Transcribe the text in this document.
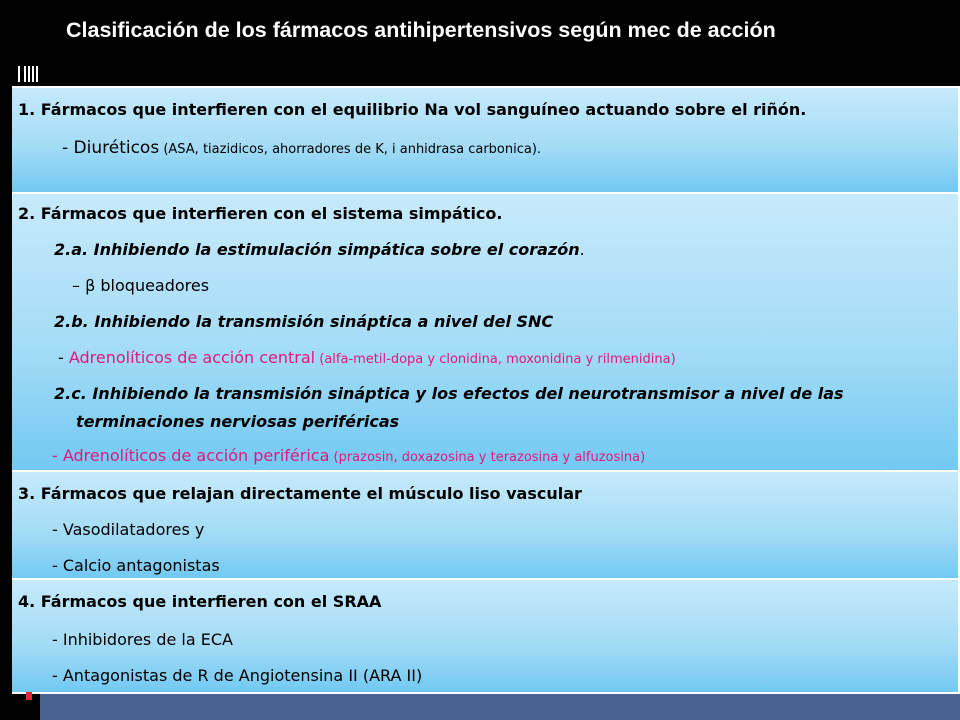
Clasificación de los fármacos antihipertensivos según mec de acción
1. Fármacos que interfieren con el equilibrio Na vol sanguíneo actuando sobre el riñón.
- Diuréticos (ASA, tiazidicos, ahorradores de K, i anhidrasa carbonica).
2. Fármacos que interfieren con el sistema simpático.
2.a. Inhibiendo la estimulación simpática sobre el corazón.
– β bloqueadores
2.b. Inhibiendo la transmisión sináptica a nivel del SNC
- Adrenolíticos de acción central (alfa-metil-dopa y clonidina, moxonidina y rilmenidina)
2.c. Inhibiendo la transmisión sináptica y los efectos del neurotransmisor a nivel de las
terminaciones nerviosas periféricas
- Adrenolíticos de acción periférica (prazosin, doxazosina y terazosina y alfuzosina)
3. Fármacos que relajan directamente el músculo liso vascular
- Vasodilatadores y
- Calcio antagonistas
4. Fármacos que interfieren con el SRAA
- Inhibidores de la ECA
- Antagonistas de R de Angiotensina II (ARA II)
